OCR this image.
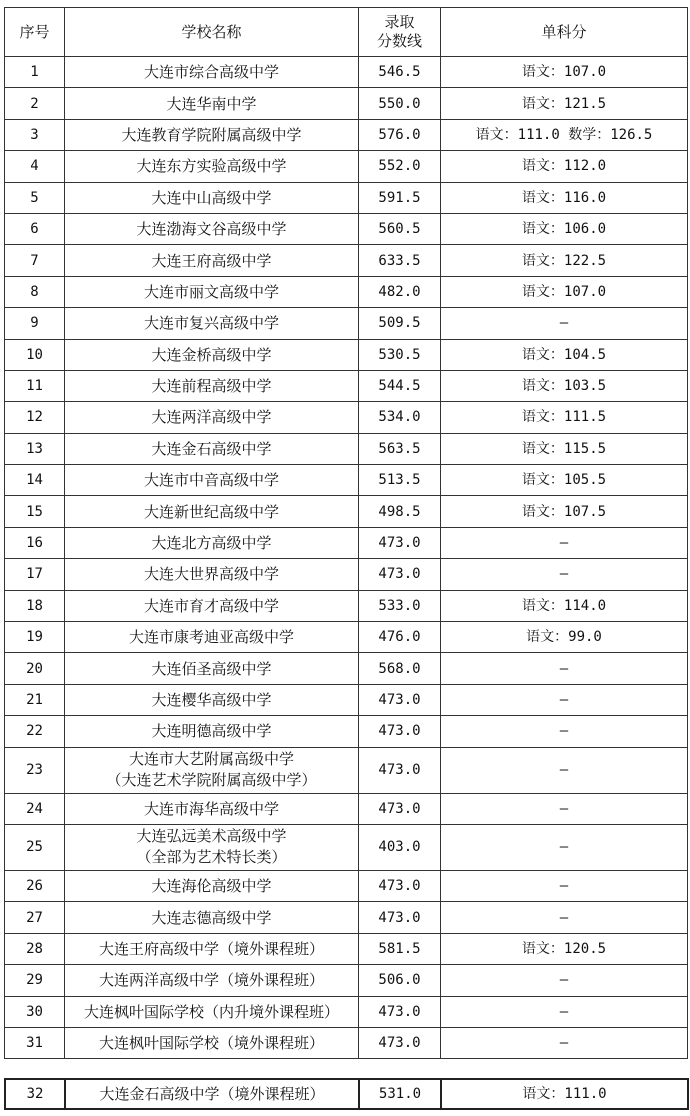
序号	学校名称	录取
分数线	单科分
1	大连市综合高级中学	546.5	语文：107.0
2	大连华南中学	550.0	语文：121.5
3	大连教育学院附属高级中学	576.0	语文：111.0 数学：126.5
4	大连东方实验高级中学	552.0	语文：112.0
5	大连中山高级中学	591.5	语文：116.0
6	大连渤海文谷高级中学	560.5	语文：106.0
7	大连王府高级中学	633.5	语文：122.5
8	大连市丽文高级中学	482.0	语文：107.0
9	大连市复兴高级中学	509.5	—
10	大连金桥高级中学	530.5	语文：104.5
11	大连前程高级中学	544.5	语文：103.5
12	大连两洋高级中学	534.0	语文：111.5
13	大连金石高级中学	563.5	语文：115.5
14	大连市中音高级中学	513.5	语文：105.5
15	大连新世纪高级中学	498.5	语文：107.5
16	大连北方高级中学	473.0	—
17	大连大世界高级中学	473.0	—
18	大连市育才高级中学	533.0	语文：114.0
19	大连市康考迪亚高级中学	476.0	语文：99.0
20	大连佰圣高级中学	568.0	—
21	大连樱华高级中学	473.0	—
22	大连明德高级中学	473.0	—
23	大连市大艺附属高级中学
（大连艺术学院附属高级中学）	473.0	—
24	大连市海华高级中学	473.0	—
25	大连弘远美术高级中学
（全部为艺术特长类）	403.0	—
26	大连海伦高级中学	473.0	—
27	大连志德高级中学	473.0	—
28	大连王府高级中学（境外课程班）	581.5	语文：120.5
29	大连两洋高级中学（境外课程班）	506.0	—
30	大连枫叶国际学校（内升境外课程班）	473.0	—
31	大连枫叶国际学校（境外课程班）	473.0	—
32	大连金石高级中学（境外课程班）	531.0	语文：111.0
